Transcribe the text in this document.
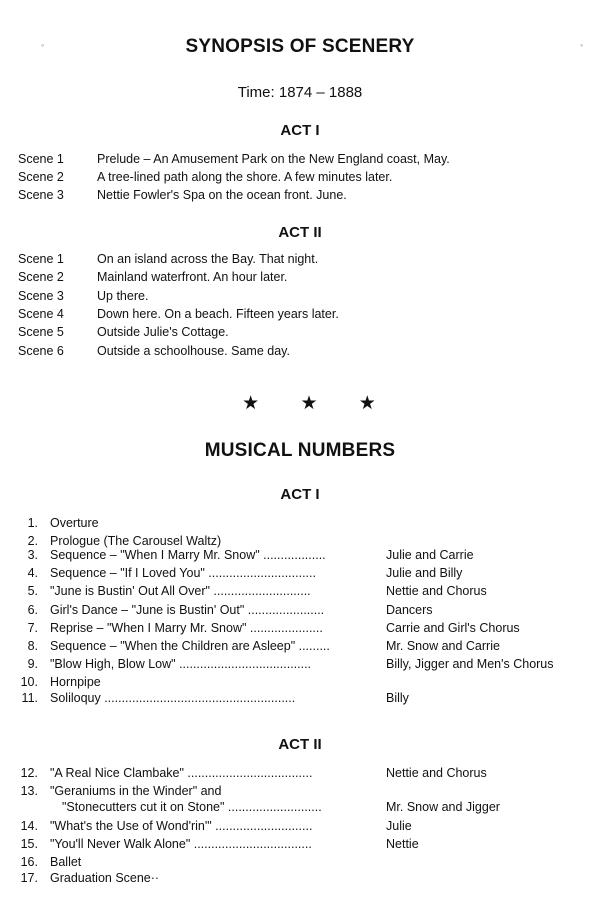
◦	◦
SYNOPSIS OF SCENERY
Time: 1874 – 1888
ACT I
Scene 1	Prelude – An Amusement Park on the New England coast, May.
Scene 2	A tree-lined path along the shore. A few minutes later.
Scene 3	Nettie Fowler's Spa on the ocean front. June.
ACT II
Scene 1	On an island across the Bay. That night.
Scene 2	Mainland waterfront. An hour later.
Scene 3	Up there.
Scene 4	Down here. On a beach. Fifteen years later.
Scene 5	Outside Julie's Cottage.
Scene 6	Outside a schoolhouse. Same day.
★ ★ ★
MUSICAL NUMBERS
ACT I
1. Overture
2. Prologue (The Carousel Waltz)
3. Sequence – "When I Marry Mr. Snow" ..................	Julie and Carrie
4. Sequence – "If I Loved You" ...............................	Julie and Billy
5. "June is Bustin' Out All Over" ............................	Nettie and Chorus
6. Girl's Dance – "June is Bustin' Out" ......................	Dancers
7. Reprise – "When I Marry Mr. Snow" .....................	Carrie and Girl's Chorus
8. Sequence – "When the Children are Asleep" .........	Mr. Snow and Carrie
9. "Blow High, Blow Low" ......................................	Billy, Jigger and Men's Chorus
10. Hornpipe
11. Soliloquy .......................................................	Billy
ACT II
12. "A Real Nice Clambake" ....................................	Nettie and Chorus
13. "Geraniums in the Winder" and
"Stonecutters cut it on Stone" ...........................	Mr. Snow and Jigger
14. "What's the Use of Wond'rin'" ............................	Julie
15. "You'll Never Walk Alone" ..................................	Nettie
16. Ballet
17. Graduation Scene··
